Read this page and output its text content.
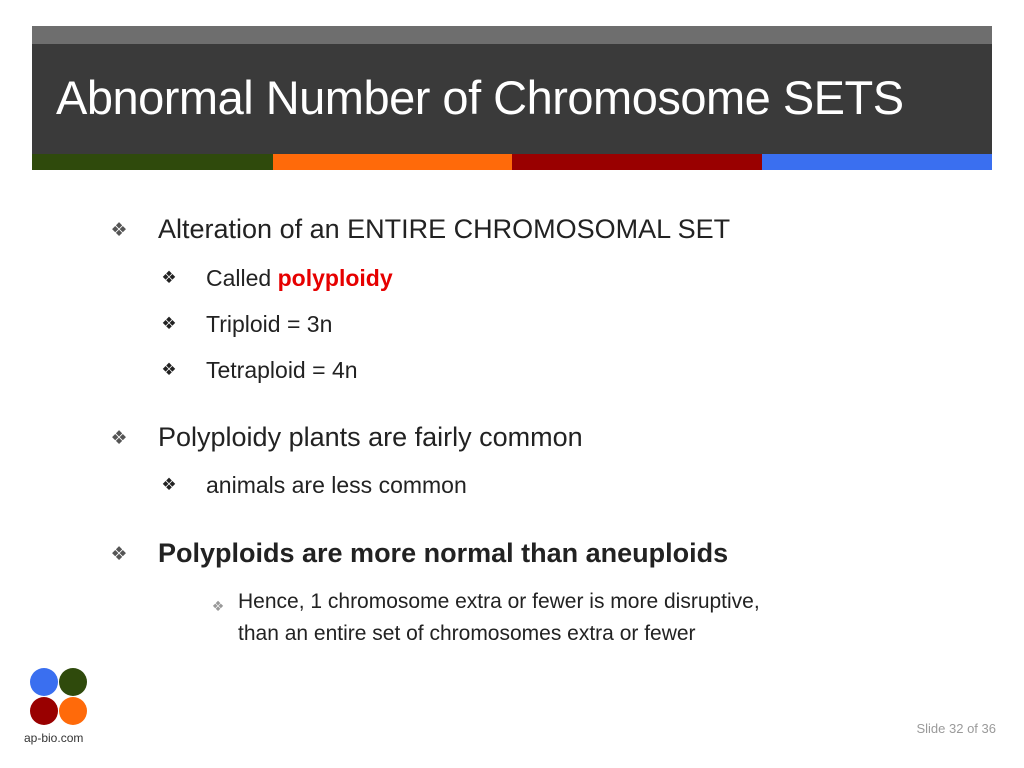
Abnormal Number of Chromosome SETS
❖ Alteration of an ENTIRE CHROMOSOMAL SET
❖ Called polyploidy
❖ Triploid = 3n
❖ Tetraploid = 4n
❖ Polyploidy plants are fairly common
❖ animals are less common
❖ Polyploids are more normal than aneuploids
❖ Hence, 1 chromosome extra or fewer is more disruptive,
than an entire set of chromosomes extra or fewer
ap-bio.com
Slide 32 of 36
